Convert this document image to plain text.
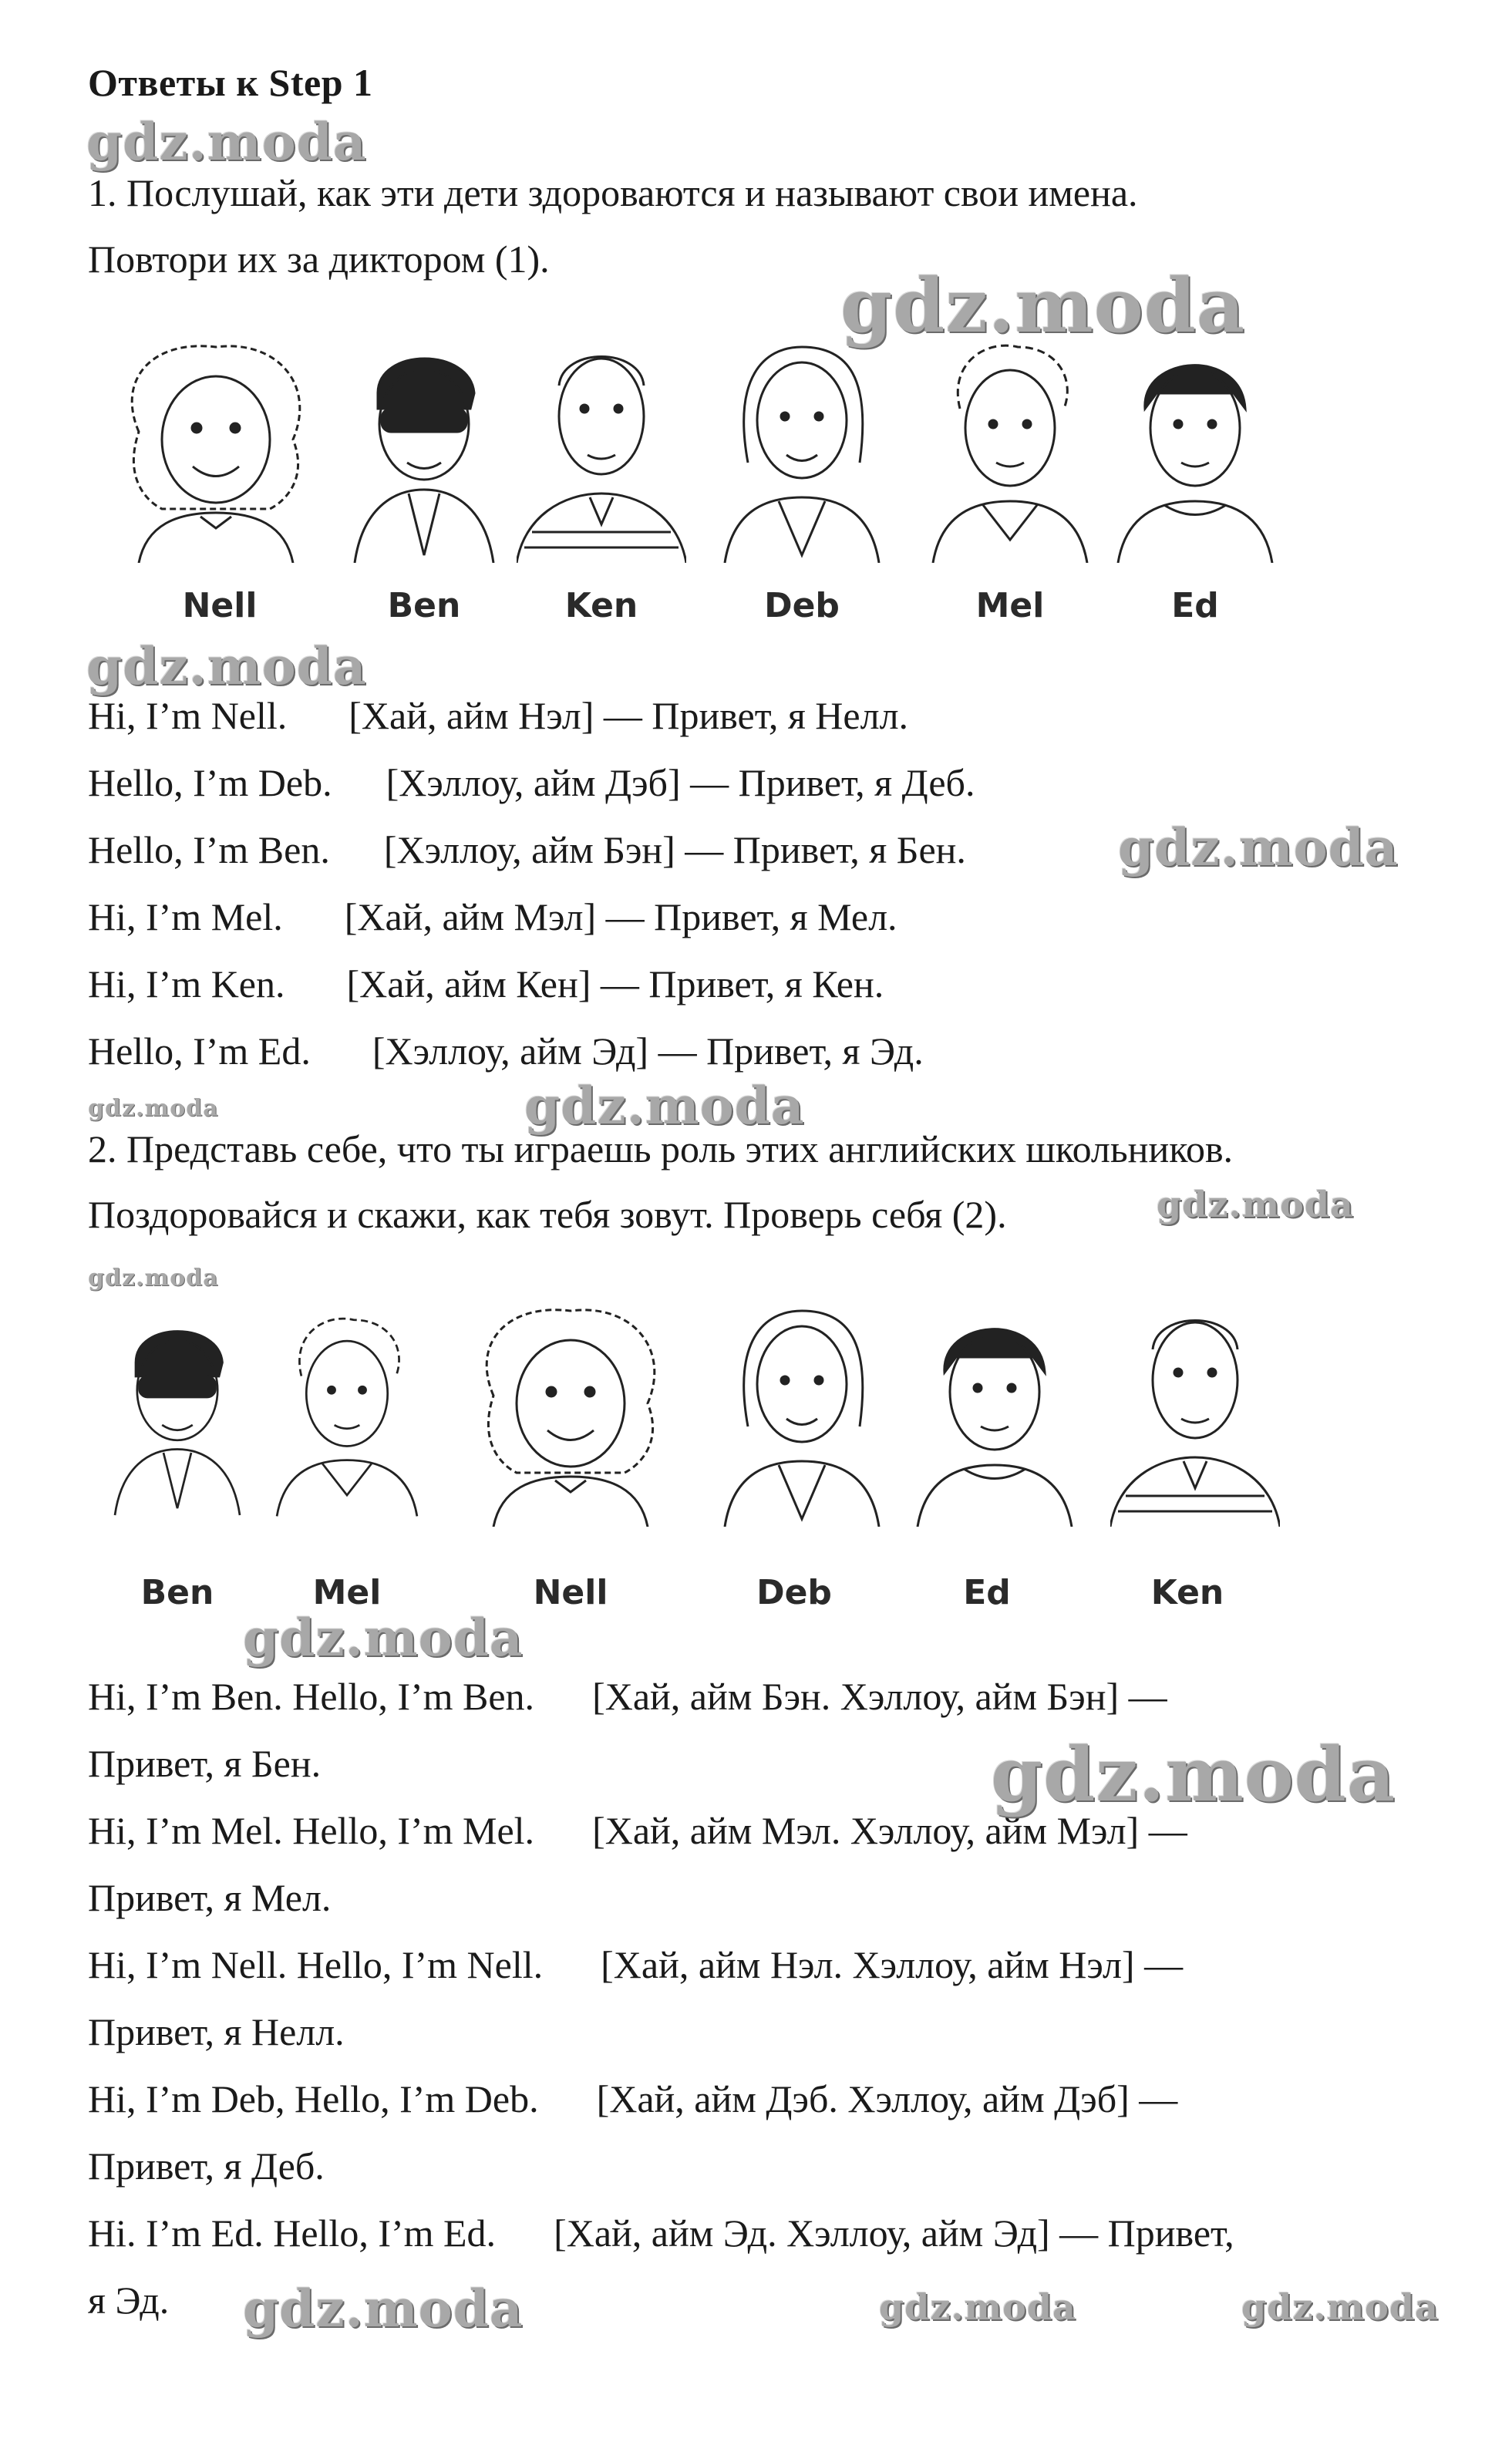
Ответы к Step 1
1. Послушай, как эти дети здороваются и называют свои имена.
Повтори их за диктором (1).
Nell	Ben	Ken	Deb	Mel	Ed
Hi, I’m Nell. [Хай, айм Нэл] — Привет, я Нелл.
Hello, I’m Deb. [Хэллоу, айм Дэб] — Привет, я Деб.
Hello, I’m Ben. [Хэллоу, айм Бэн] — Привет, я Бен.
Hi, I’m Mel. [Хай, айм Мэл] — Привет, я Мел.
Hi, I’m Ken. [Хай, айм Кен] — Привет, я Кен.
Hello, I’m Ed. [Хэллоу, айм Эд] — Привет, я Эд.
2. Представь себе, что ты играешь роль этих английских школьников.
Поздоровайся и скажи, как тебя зовут. Проверь себя (2).
Ben	Mel	Nell	Deb	Ed	Ken
Hi, I’m Ben. Hello, I’m Ben. [Хай, айм Бэн. Хэллоу, айм Бэн] —
Привет, я Бен.
Hi, I’m Mel. Hello, I’m Mel. [Хай, айм Мэл. Хэллоу, айм Мэл] —
Привет, я Мел.
Hi, I’m Nell. Hello, I’m Nell. [Хай, айм Нэл. Хэллоу, айм Нэл] —
Привет, я Нелл.
Hi, I’m Deb, Hello, I’m Deb. [Хай, айм Дэб. Хэллоу, айм Дэб] —
Привет, я Деб.
Hi. I’m Ed. Hello, I’m Ed. [Хай, айм Эд. Хэллоу, айм Эд] — Привет,
я Эд.
gdz.moda
gdz.moda
gdz.moda
gdz.moda
gdz.moda	gdz.moda
gdz.moda
gdz.moda
gdz.moda
gdz.moda
gdz.moda	gdz.moda	gdz.moda
